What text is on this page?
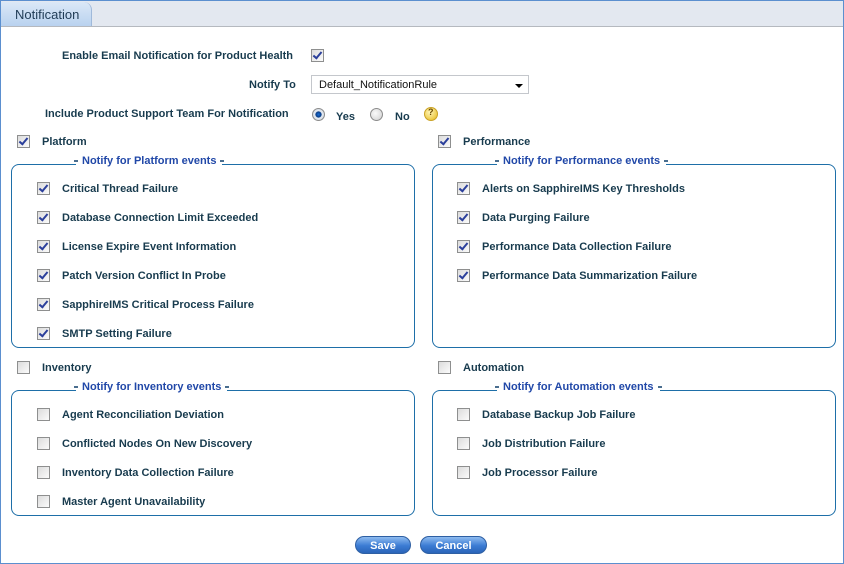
Notification
Enable Email Notification for Product Health
Notify To Default_NotificationRule
Include Product Support Team For Notification	Yes	No ?
Platform
Notify for Platform events
Critical Thread Failure
Database Connection Limit Exceeded
License Expire Event Information
Patch Version Conflict In Probe
SapphireIMS Critical Process Failure
SMTP Setting Failure
Performance
Notify for Performance events
Alerts on SapphireIMS Key Thresholds
Data Purging Failure
Performance Data Collection Failure
Performance Data Summarization Failure
Inventory
Notify for Inventory events
Agent Reconciliation Deviation
Conflicted Nodes On New Discovery
Inventory Data Collection Failure
Master Agent Unavailability
Automation
Notify for Automation events
Database Backup Job Failure
Job Distribution Failure
Job Processor Failure
Save	Cancel
